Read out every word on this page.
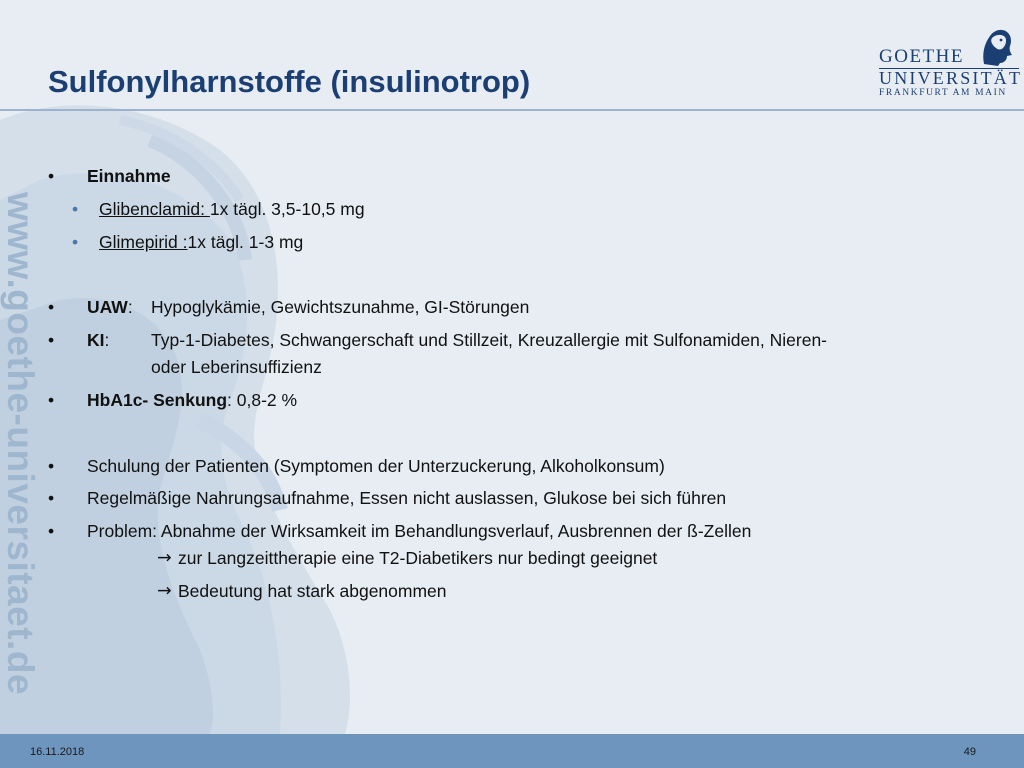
www.goethe-universitaet.de
Sulfonylharnstoffe (insulinotrop)
GOETHE
UNIVERSITÄT
FRANKFURT AM MAIN
• Einnahme
• Glibenclamid: 1x tägl. 3,5-10,5 mg
• Glimepirid :1x tägl. 1-3 mg
• UAW: Hypoglykämie, Gewichtszunahme, GI-Störungen
• KI: Typ-1-Diabetes, Schwangerschaft und Stillzeit, Kreuzallergie mit Sulfonamiden, Nieren-
oder Leberinsuffizienz
• HbA1c- Senkung: 0,8-2 %
• Schulung der Patienten (Symptomen der Unterzuckerung, Alkoholkonsum)
• Regelmäßige Nahrungsaufnahme, Essen nicht auslassen, Glukose bei sich führen
• Problem: Abnahme der Wirksamkeit im Behandlungsverlauf, Ausbrennen der ß-Zellen
→ zur Langzeittherapie eine T2-Diabetikers nur bedingt geeignet
→ Bedeutung hat stark abgenommen
16.11.2018	49
